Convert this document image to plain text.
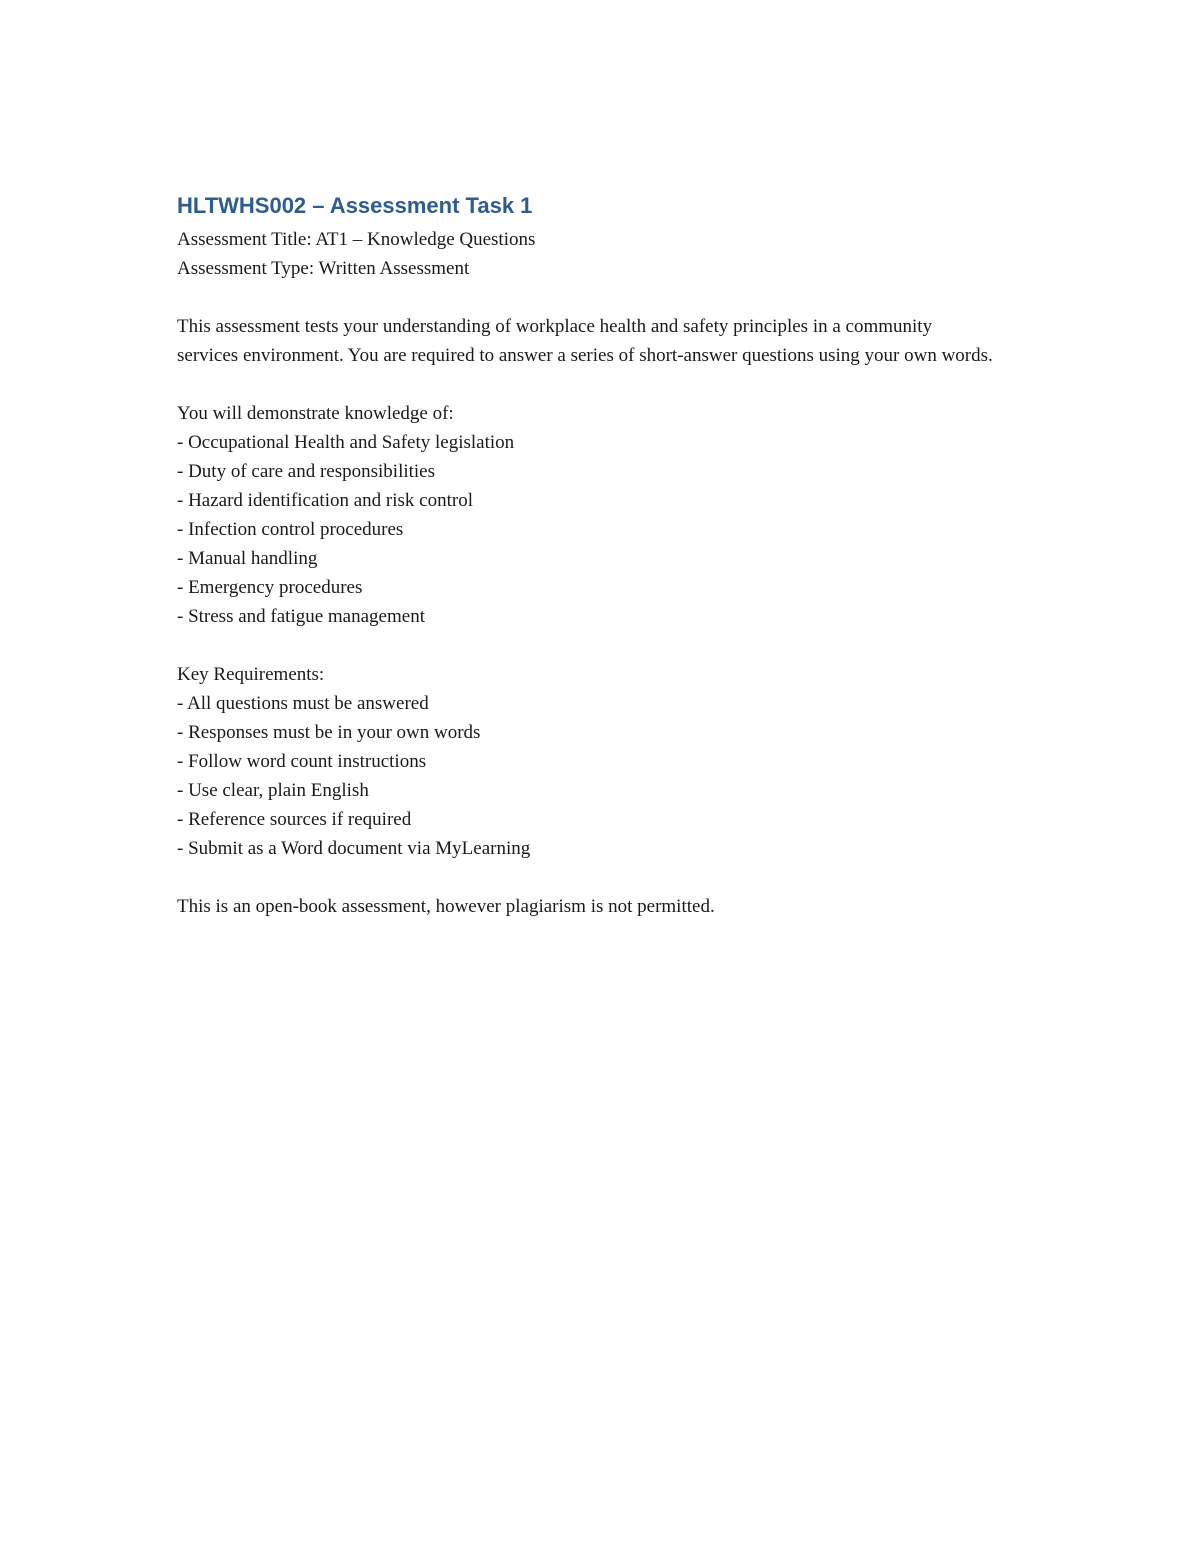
HLTWHS002 – Assessment Task 1

Assessment Title: AT1 – Knowledge Questions

Assessment Type: Written Assessment

This assessment tests your understanding of workplace health and safety principles in a community services environment. You are required to answer a series of short-answer questions using your own words.

You will demonstrate knowledge of:

- Occupational Health and Safety legislation

- Duty of care and responsibilities

- Hazard identification and risk control

- Infection control procedures

- Manual handling

- Emergency procedures

- Stress and fatigue management

Key Requirements:

- All questions must be answered

- Responses must be in your own words

- Follow word count instructions

- Use clear, plain English

- Reference sources if required

- Submit as a Word document via MyLearning

This is an open-book assessment, however plagiarism is not permitted.
